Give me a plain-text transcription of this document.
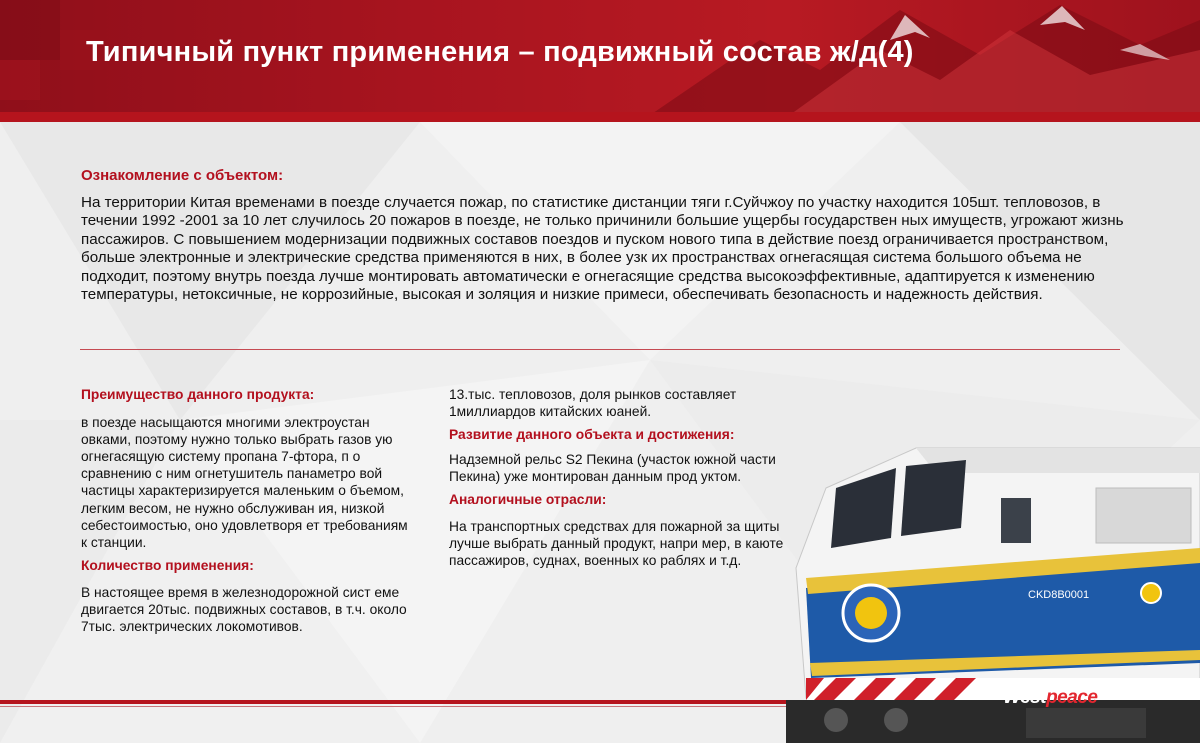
Типичный пункт применения – подвижный состав ж/д(4)
Ознакомление с объектом:

На территории Китая временами в поезде случается пожар, по статистике дистанции тяги г.Суйчжоу по участку находится 105шт. тепловозов, в течении 1992 -2001 за 10 лет случилось 20 пожаров в поезде, не только причинили большие ущербы государствен ных имуществ, угрожают жизнь пассажиров. С повышением модернизации подвижных составов поездов и пуском нового типа в действие поезд ограничивается пространством, больше электронные и электрические средства применяются в них, в более узк их пространствах огнегасящая система большого объема не подходит, поэтому внутрь поезда лучше монтировать автоматически е огнегасящие средства высокоэффективные, адаптируется к изменению температуры, нетоксичные, не коррозийные, высокая и золяция и низкие примеси, обеспечивать безопасность и надежность действия.

Преимущество данного продукта:

в поезде насыщаются многими электроустан овками, поэтому нужно только выбрать газов ую огнегасящую систему пропана 7-фтора, п о сравнению с ним огнетушитель панаметро вой частицы характеризируется маленьким о бъемом, легким весом, не нужно обслуживан ия, низкой себестоимостью, оно удовлетворя ет требованиям к станции.

Количество применения:

В настоящее время в железнодорожной сист еме двигается 20тыс. подвижных составов, в т.ч. около 7тыс. электрических локомотивов.

13.тыс. тепловозов, доля рынков составляет 1миллиардов китайских юаней.

Развитие данного объекта и достижения:

Надземной рельс S2 Пекина (участок южной части Пекина) уже монтирован данным прод уктом.

Аналогичные отрасли:

На транспортных средствах для пожарной за щиты лучше выбрать данный продукт, напри мер, в каюте пассажиров, суднах, военных ко раблях и т.д.

CKD8B0001
Westpeace
